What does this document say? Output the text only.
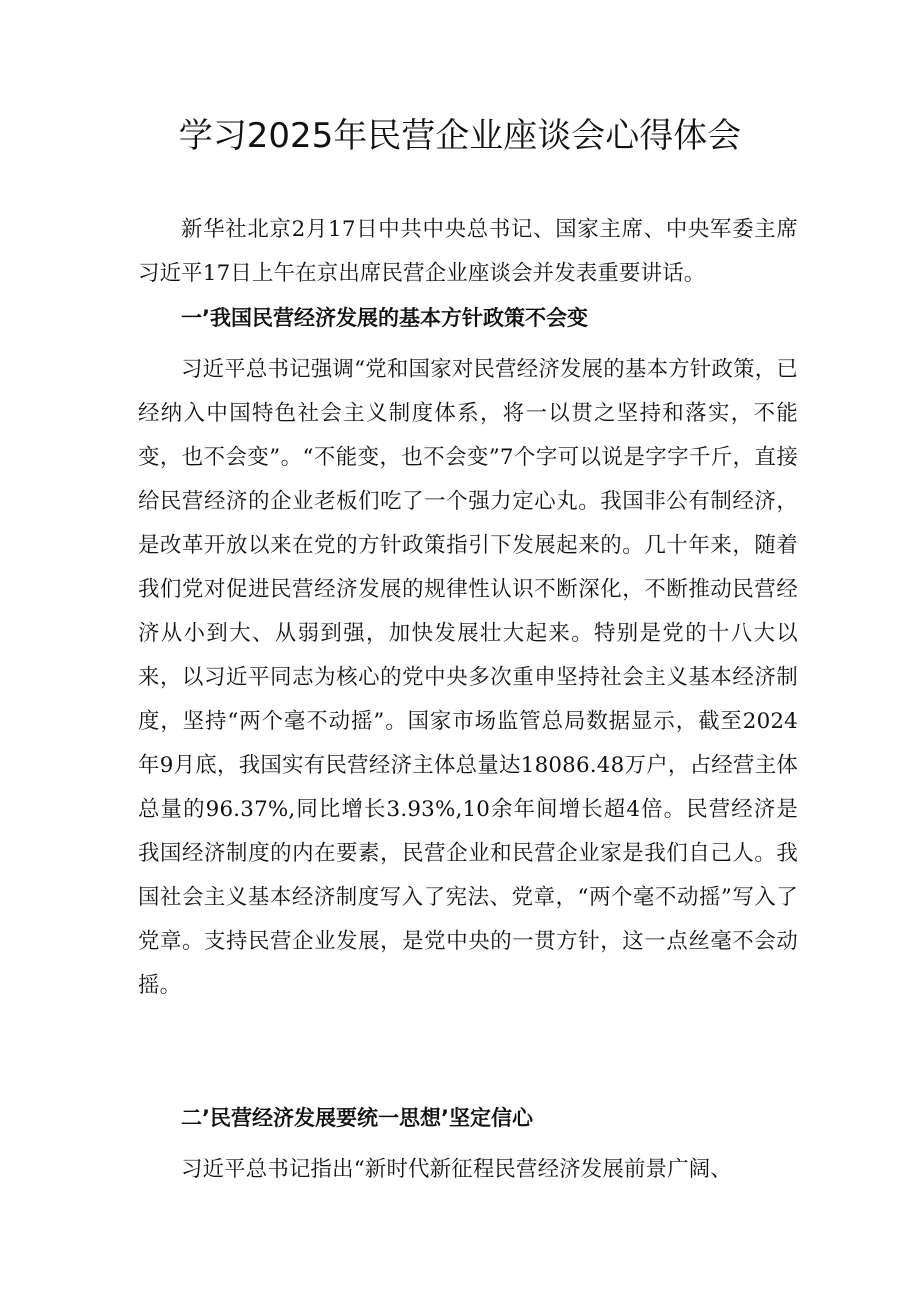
学习2025年民营企业座谈会心得体会

新华社北京2月17日中共中央总书记、国家主席、中央军委主席习近平17日上午在京出席民营企业座谈会并发表重要讲话。

一’我国民营经济发展的基本方针政策不会变

习近平总书记强调“党和国家对民营经济发展的基本方针政策，已经纳入中国特色社会主义制度体系，将一以贯之坚持和落实，不能变，也不会变”。“不能变，也不会变”7个字可以说是字字千斤，直接给民营经济的企业老板们吃了一个强力定心丸。我国非公有制经济，是改革开放以来在党的方针政策指引下发展起来的。几十年来，随着我们党对促进民营经济发展的规律性认识不断深化，不断推动民营经济从小到大、从弱到强，加快发展壮大起来。特别是党的十八大以来，以习近平同志为核心的党中央多次重申坚持社会主义基本经济制度，坚持“两个毫不动摇”。国家市场监管总局数据显示，截至2024年9月底，我国实有民营经济主体总量达18086.48万户，占经营主体总量的96.37%,同比增长3.93%,10余年间增长超4倍。民营经济是我国经济制度的内在要素，民营企业和民营企业家是我们自己人。我国社会主义基本经济制度写入了宪法、党章，“两个毫不动摇”写入了党章。支持民营企业发展，是党中央的一贯方针，这一点丝毫不会动摇。

二’民营经济发展要统一思想’坚定信心

习近平总书记指出“新时代新征程民营经济发展前景广阔、
